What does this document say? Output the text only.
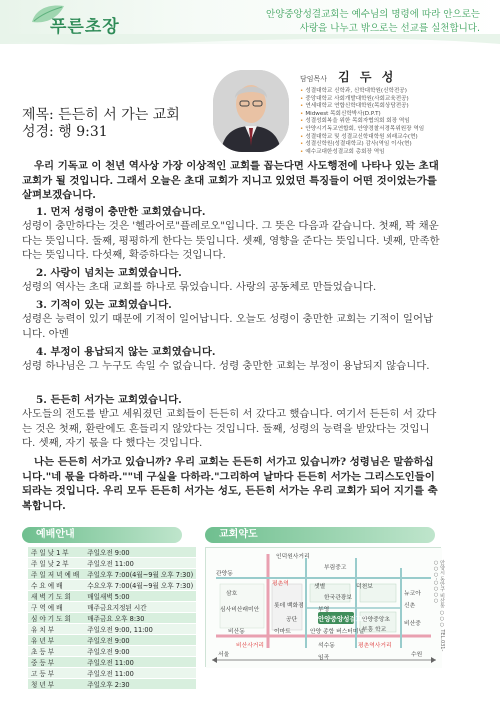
푸른초장
안양중앙성결교회는 예수님의 명령에 따라 안으로는
사랑을 나누고 밖으로는 선교를 실천합니다.
제목: 든든히 서 가는 교회
성경: 행 9:31
담임목사 김 두 성
• 성결대학교 신학과, 신학대학원(신학전공)
• 중앙대학교 사회개발대학원(사회교육전공)
• 연세대학교 연합신학대학원(목회상담전공)
• Midwest 목회신학박사(D.P.T)
• 성결성회복을 위한 목회자협의회 회장 역임
• 안양시기독교연합회, 안양경찰서경목위원장 역임
• 성결대학교 및 성결교신학대학원 외래교수(현)
• 성결신학원(성결대학교) 감사(역임 이사(현)
• 예수교대한성결교회 총회장 역임

우리 기독교 이 천년 역사상 가장 이상적인 교회를 꼽는다면 사도행전에 나타나 있는 초대 교회가 될 것입니다. 그래서 오늘은 초대 교회가 지니고 있었던 특징들이 어떤 것이었는가를 살펴보겠습니다.

1. 먼저 성령이 충만한 교회였습니다.
성령이 충만하다는 것은 '헬라어로"플레로오"입니다. 그 뜻은 다음과 같습니다. 첫째, 꽉 채운다는 뜻입니다. 둘째, 평평하게 한다는 뜻입니다. 셋째, 영향을 준다는 뜻입니다. 넷째, 만족한다는 뜻입니다. 다섯째, 확증하다는 것입니다.
2. 사랑이 넘치는 교회였습니다.
성령의 역사는 초대 교회를 하나로 묶었습니다. 사랑의 공동체로 만들었습니다.
3. 기적이 있는 교회였습니다.
성령은 능력이 있기 때문에 기적이 일어납니다. 오늘도 성령이 충만한 교회는 기적이 일어납니다. 아멘
4. 부정이 용납되지 않는 교회였습니다.
성령 하나님은 그 누구도 속일 수 없습니다. 성령 충만한 교회는 부정이 용납되지 않습니다.
5. 든든히 서가는 교회였습니다.
사도들의 전도를 받고 세워졌던 교회들이 든든히 서 갔다고 했습니다. 여기서 든든히 서 갔다는 것은 첫째, 환란에도 흔들리지 않았다는 것입니다. 둘째, 성령의 능력을 받았다는 것입니다. 셋째, 자기 몫을 다 했다는 것입니다.

나는 든든히 서가고 있습니까? 우리 교회는 든든히 서가고 있습니까? 성령님은 말씀하십니다."네 몫을 다하라.""네 구실을 다하라."그리하여 날마다 든든히 서가는 그리스도인들이 되라는 것입니다. 우리 모두 든든히 서가는 성도, 든든히 서가는 우리 교회가 되어 지기를 축복합니다.

예배안내
주일낮1부	주일오전 9:00
주일낮2부	주일오전 11:00
주일저녁예배	주일오후 7:00(4월~9월 오후 7:30)
수요예배	수요오후 7:00(4월~9월 오후 7:30)
새벽기도회	매일새벽 5:00
구역예배	매주금요지정된 시간
심야기도회	매주금요 오후 8:30
유치부	주일오전 9:00, 11:00
유년부	주일오전 9:00
초등부	주일오전 9:00
중등부	주일오전 11:00
고등부	주일오전 11:00
청년부	주일오후 2:30
교회약도
인덕원사거리
부림중고
관양동
샛별	덕천보
삼호
평촌역
한국관광보
뉴코아
신촌
심사비산래미안
롯데 백화점
부영
안양중앙성결교회
비산동	이마트	안양 종합 버스터미널
공단	안양중앙초
부흥 학교
비산중
비산사거리	석수동	평촌역사거리
서울	임곡	수원
안양시 동안구 비산동 ○○○ TEL.031-○○○-○○○○
